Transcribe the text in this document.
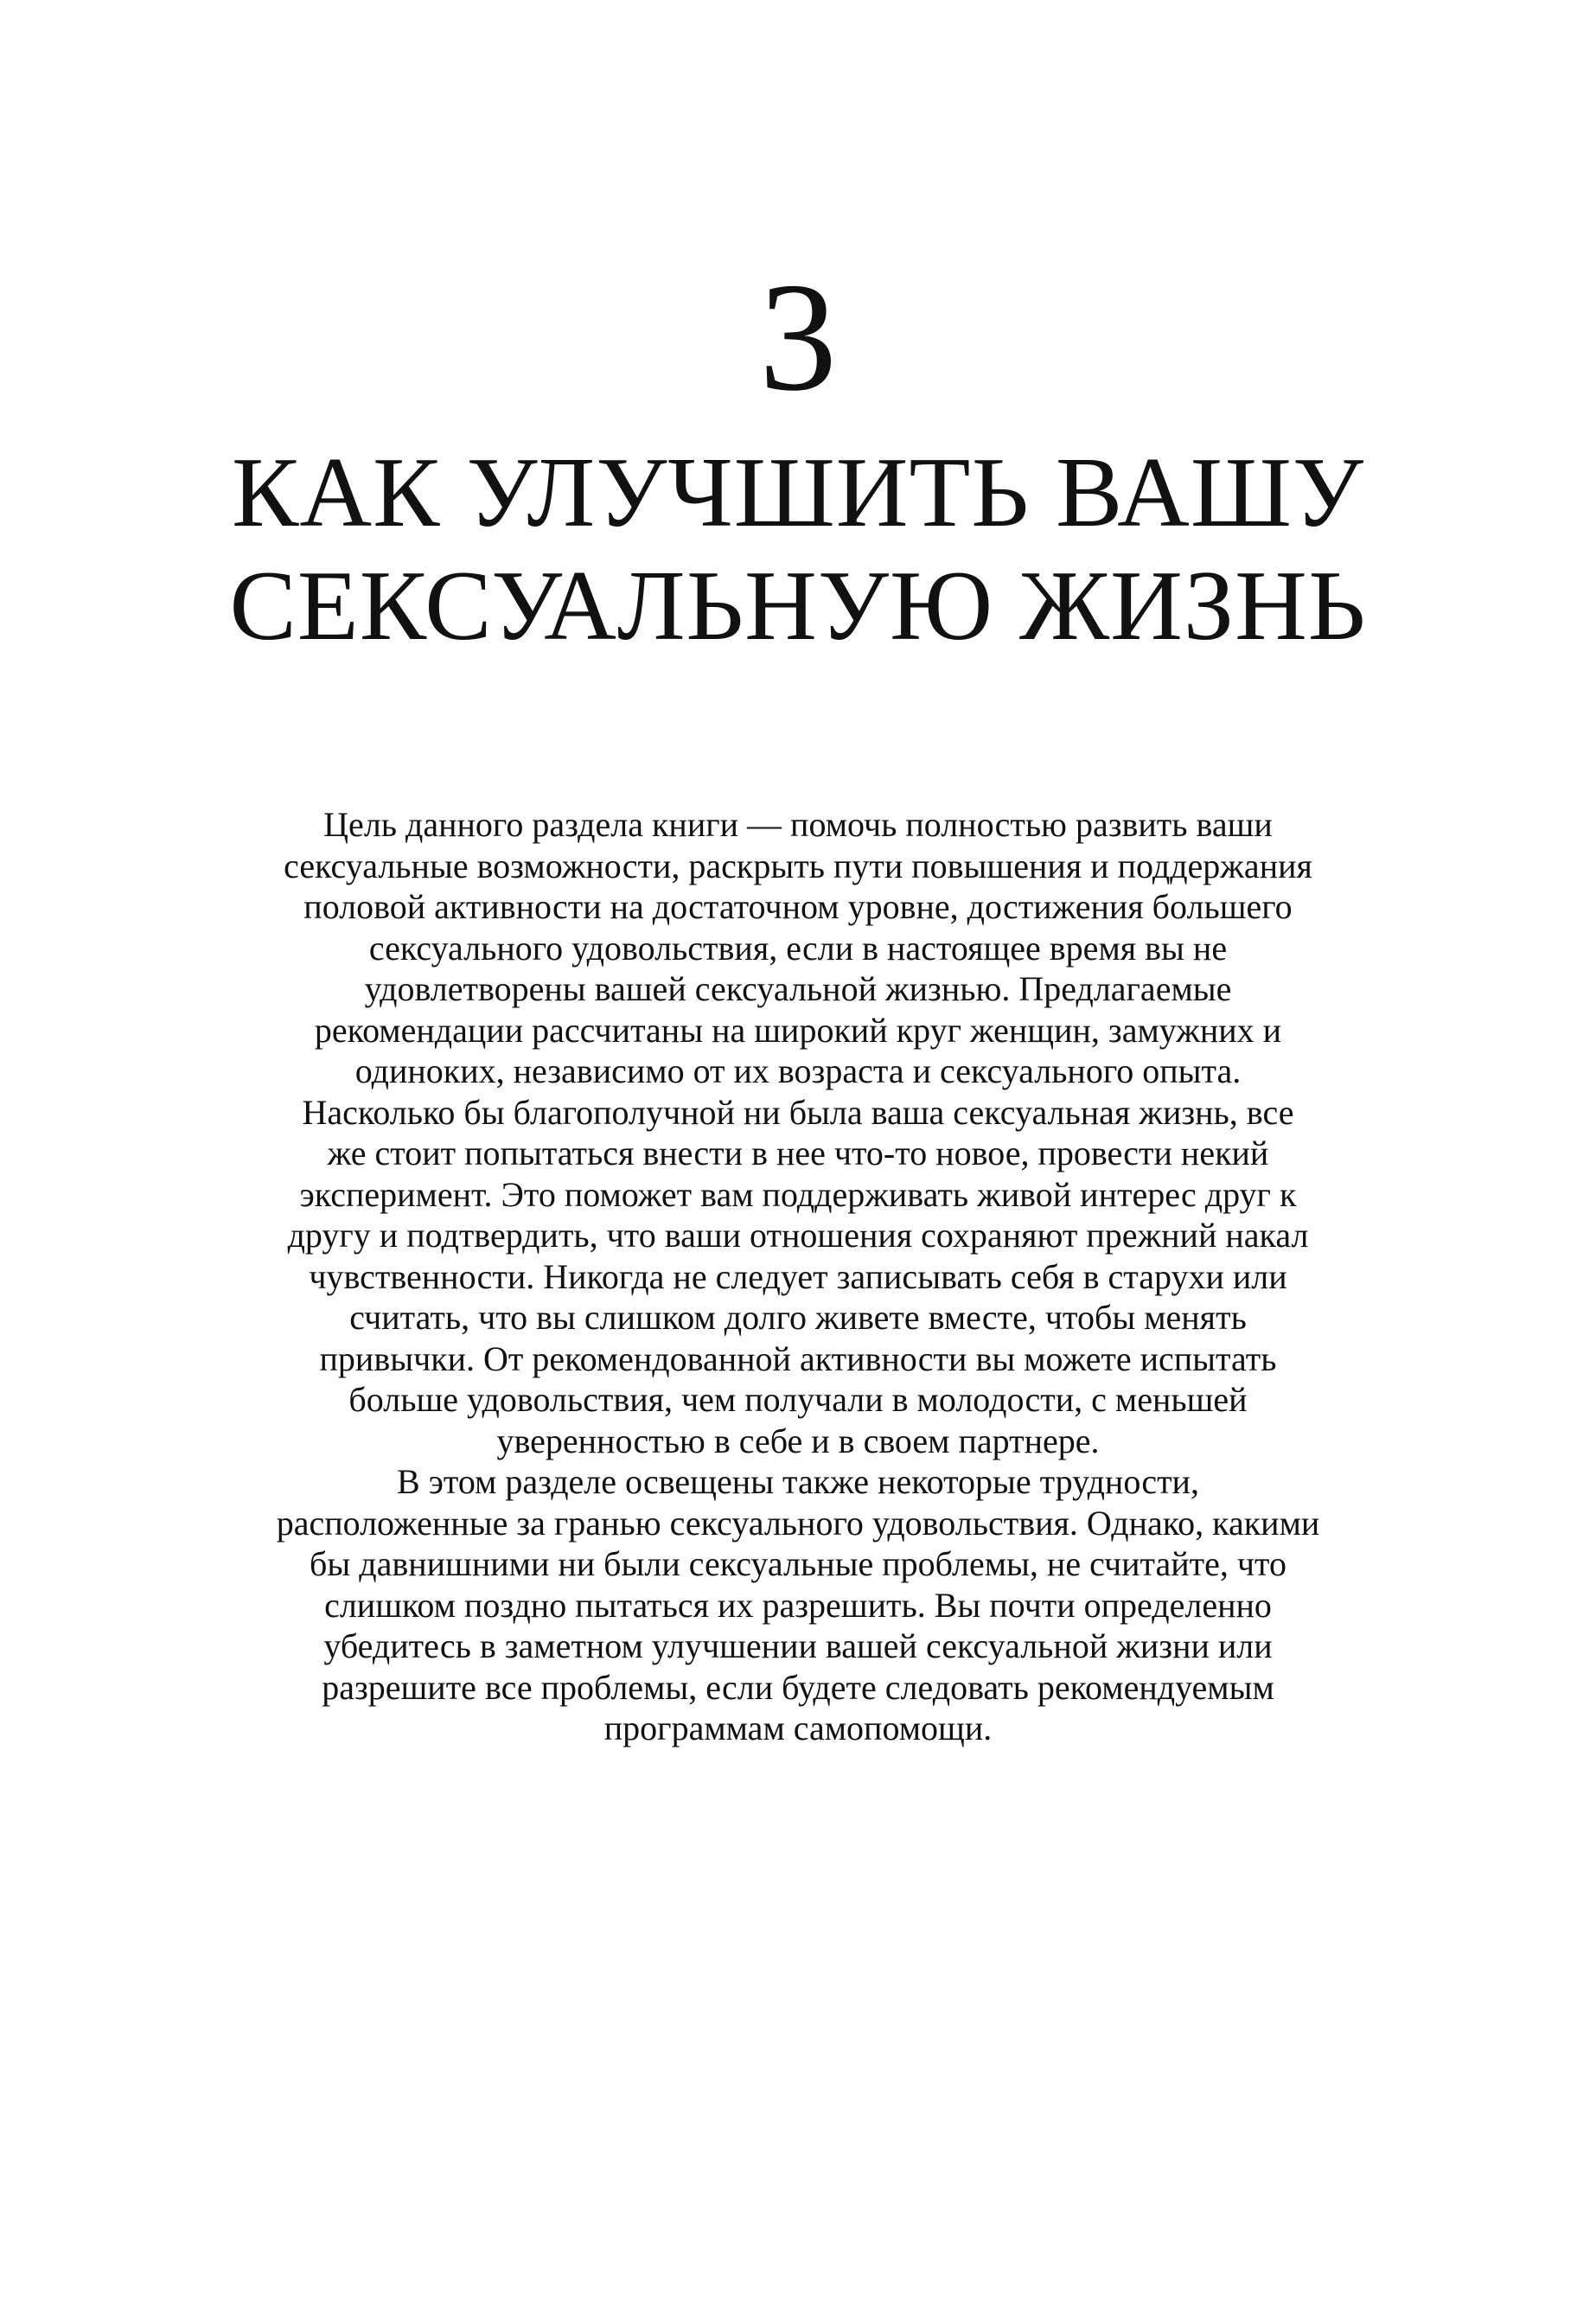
3
КАК УЛУЧШИТЬ ВАШУ
СЕКСУАЛЬНУЮ ЖИЗНЬ

Цель данного раздела книги — помочь полностью развить ваши
сексуальные возможности, раскрыть пути повышения и поддержания
половой активности на достаточном уровне, достижения большего
сексуального удовольствия, если в настоящее время вы не
удовлетворены вашей сексуальной жизнью. Предлагаемые
рекомендации рассчитаны на широкий круг женщин, замужних и
одиноких, независимо от их возраста и сексуального опыта.
Насколько бы благополучной ни была ваша сексуальная жизнь, все
же стоит попытаться внести в нее что-то новое, провести некий
эксперимент. Это поможет вам поддерживать живой интерес друг к
другу и подтвердить, что ваши отношения сохраняют прежний накал
чувственности. Никогда не следует записывать себя в старухи или
считать, что вы слишком долго живете вместе, чтобы менять
привычки. От рекомендованной активности вы можете испытать
больше удовольствия, чем получали в молодости, с меньшей
уверенностью в себе и в своем партнере.

В этом разделе освещены также некоторые трудности,
расположенные за гранью сексуального удовольствия. Однако, какими
бы давнишними ни были сексуальные проблемы, не считайте, что
слишком поздно пытаться их разрешить. Вы почти определенно
убедитесь в заметном улучшении вашей сексуальной жизни или
разрешите все проблемы, если будете следовать рекомендуемым
программам самопомощи.
